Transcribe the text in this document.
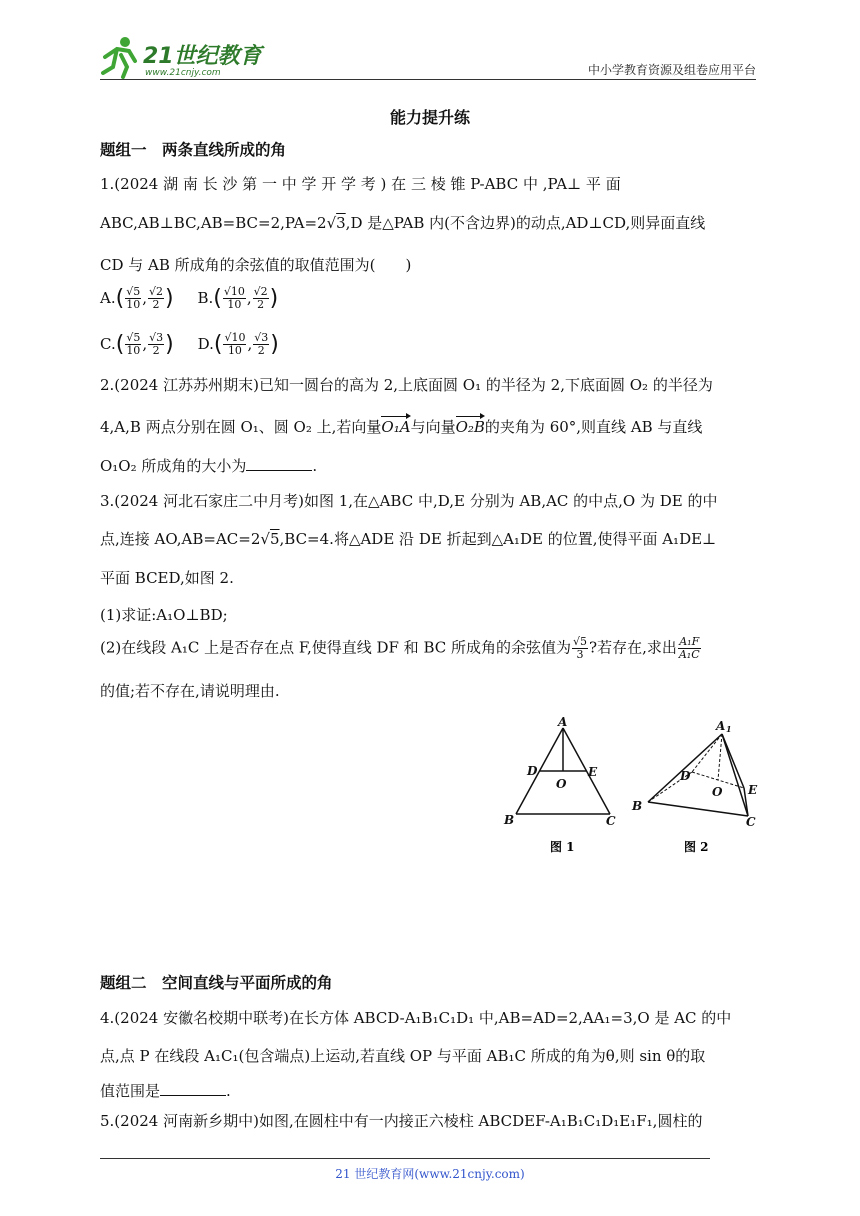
21世纪教育
www.21cnjy.com	中小学教育资源及组卷应用平台
能力提升练
题组一　两条直线所成的角
1.(2024 湖 南 长 沙 第 一 中 学 开 学 考 ) 在 三 棱 锥 P-ABC 中 ,PA⊥ 平 面
ABC,AB⊥BC,AB=BC=2,PA=2√3,D 是△PAB 内(不含边界)的动点,AD⊥CD,则异面直线
CD 与 AB 所成角的余弦值的取值范围为(　　)
$A.( \frac{√5}{10}$ , $\frac{√2}{2}$ ) $B.( \frac{√10}{10}$ , $\frac{√2}{2}$ )
$C.( \frac{√5}{10}$ , $\frac{√3}{2}$ ) $D.( \frac{√10}{10}$ , $\frac{√3}{2}$ )
2.(2024 江苏苏州期末)已知一圆台的高为 2,上底面圆 O₁ 的半径为 2,下底面圆 O₂ 的半径为
4,A,B 两点分别在圆 O₁、圆 O₂ 上,若向量O₁A与向量O₂B的夹角为 60°,则直线 AB 与直线
O₁O₂ 所成角的大小为	.
3.(2024 河北石家庄二中月考)如图 1,在△ABC 中,D,E 分别为 AB,AC 的中点,O 为 DE 的中
点,连接 AO,AB=AC=2√5,BC=4.将△ADE 沿 DE 折起到△A₁DE 的位置,使得平面 A₁DE⊥
平面 BCED,如图 2.
(1)求证:A₁O⊥BD;
(2)在线段 A₁C 上是否存在点 F,使得直线 DF 和 BC 所成角的余弦值为 $\frac{√5}{3}$ ?若存在,求出 $\frac{\text{A₁F}}{\text{A₁C}}$
的值;若不存在,请说明理由.
A
B	C
D	E
O
图 1
A 1
B
C
D
E
O
图 2
题组二　空间直线与平面所成的角
4.(2024 安徽名校期中联考)在长方体 ABCD-A₁B₁C₁D₁ 中,AB=AD=2,AA₁=3,O 是 AC 的中
点,点 P 在线段 A₁C₁(包含端点)上运动,若直线 OP 与平面 AB₁C 所成的角为θ,则 sin θ的取
值范围是	.
5.(2024 河南新乡期中)如图,在圆柱中有一内接正六棱柱 ABCDEF-A₁B₁C₁D₁E₁F₁,圆柱的
21 世纪教育网(www.21cnjy.com)
